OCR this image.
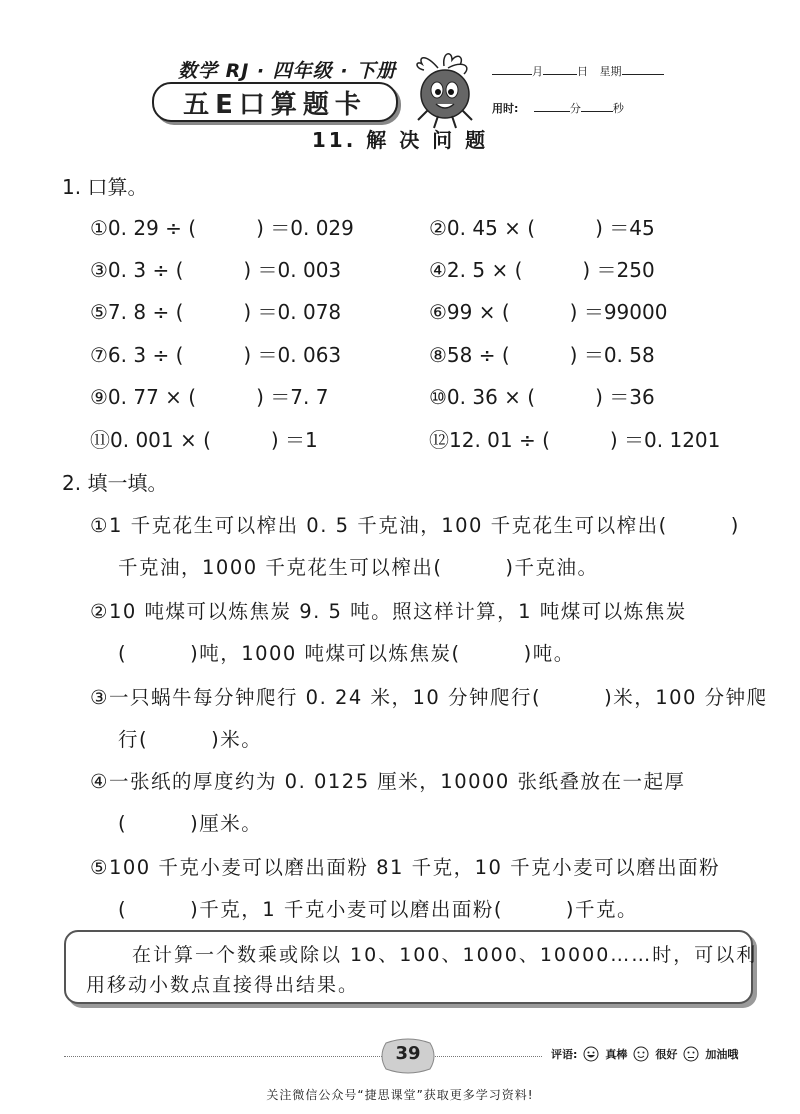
数学 RJ · 四年级 · 下册
五E口算题卡
月	日 星期
用时:	分	秒
11. 解 决 问 题
1. 口算。
①0. 29 ÷ (　　　) ＝0. 029	②0. 45 × (　　　) ＝45
③0. 3 ÷ (　　　) ＝0. 003	④2. 5 × (　　　) ＝250
⑤7. 8 ÷ (　　　) ＝0. 078	⑥99 × (　　　) ＝99000
⑦6. 3 ÷ (　　　) ＝0. 063	⑧58 ÷ (　　　) ＝0. 58
⑨0. 77 × (　　　) ＝7. 7	⑩0. 36 × (　　　) ＝36
⑪0. 001 × (　　　) ＝1	⑫12. 01 ÷ (　　　) ＝0. 1201
2. 填一填。
①1 千克花生可以榨出 0. 5 千克油，100 千克花生可以榨出(　　　)
千克油，1000 千克花生可以榨出(　　　)千克油。
②10 吨煤可以炼焦炭 9. 5 吨。照这样计算，1 吨煤可以炼焦炭
(　　　)吨，1000 吨煤可以炼焦炭(　　　)吨。
③一只蜗牛每分钟爬行 0. 24 米，10 分钟爬行(　　　)米，100 分钟爬
行(　　　)米。
④一张纸的厚度约为 0. 0125 厘米，10000 张纸叠放在一起厚
(　　　)厘米。
⑤100 千克小麦可以磨出面粉 81 千克，10 千克小麦可以磨出面粉
(　　　)千克，1 千克小麦可以磨出面粉(　　　)千克。
在计算一个数乘或除以 10、100、1000、10000……时，可以利
用移动小数点直接得出结果。
39	评语:	真棒	很好	加油哦
关注微信公众号“捷思课堂”获取更多学习资料!
